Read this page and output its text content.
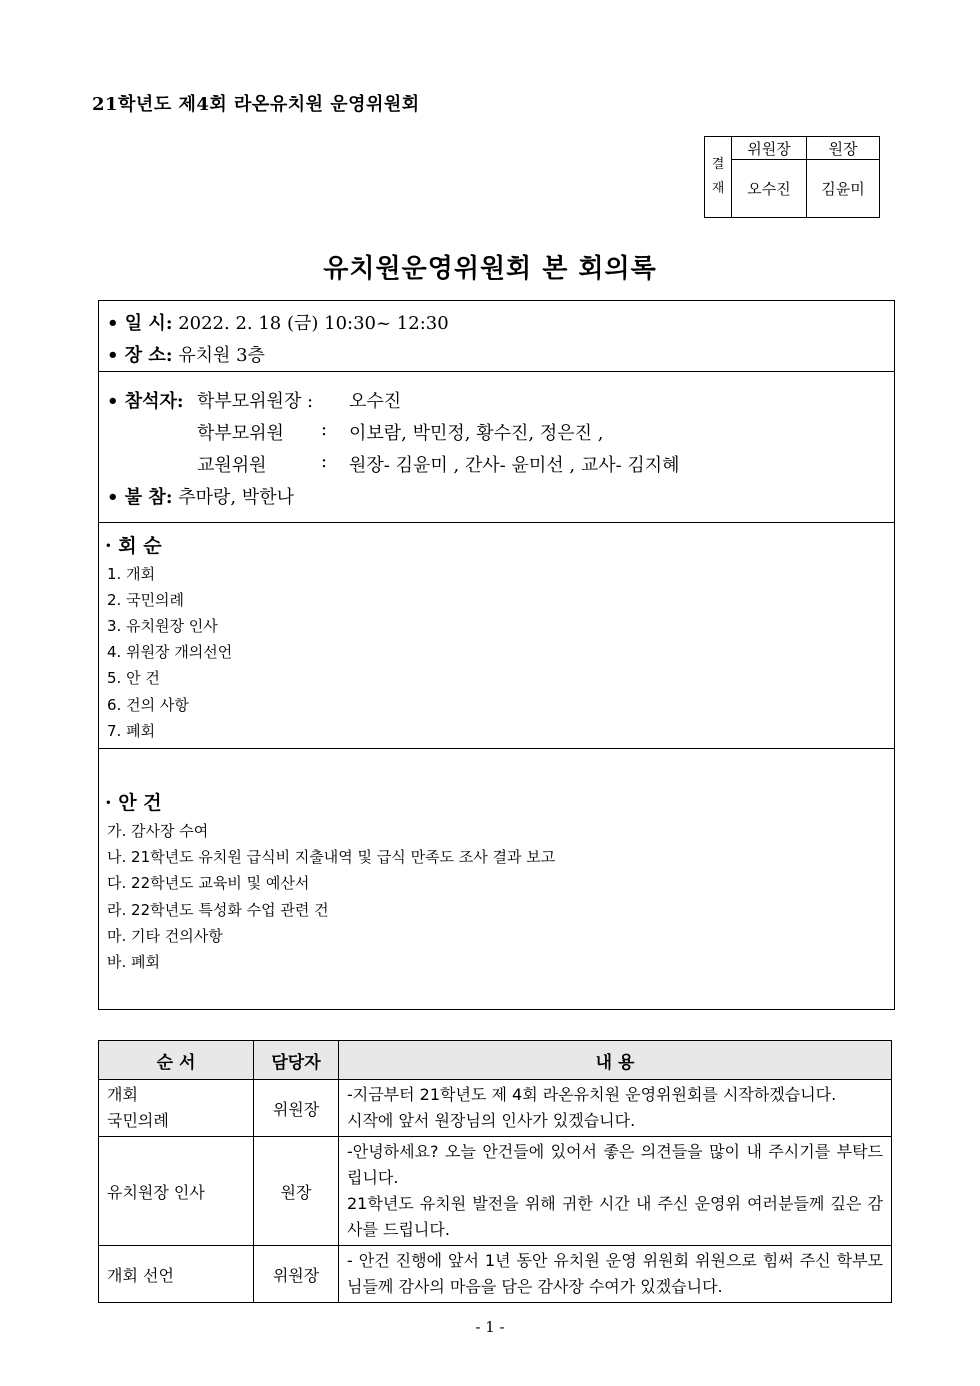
21학년도 제4회 라온유치원 운영위원회
결
재	위원장	원장
	오수진	김윤미
유치원운영위원회 본 회의록
• 일 시: 2022. 2. 18 (금) 10:30~ 12:30
• 장 소: 유치원 3층
• 참석자: 학부모위원장 : 오수진
학부모위원 : 이보람, 박민정, 황수진, 정은진 ,
교원위원	: 원장- 김윤미 , 간사- 윤미선 , 교사- 김지혜
• 불 참: 추마랑, 박한나
· 회 순
1. 개회
2. 국민의례
3. 유치원장 인사
4. 위원장 개의선언
5. 안 건
6. 건의 사항
7. 폐회
· 안 건
가. 감사장 수여
나. 21학년도 유치원 급식비 지출내역 및 급식 만족도 조사 결과 보고
다. 22학년도 교육비 및 예산서
라. 22학년도 특성화 수업 관련 건
마. 기타 건의사항
바. 폐회
순 서	담당자	내 용
개회
국민의례	위원장	-지금부터 21학년도 제 4회 라온유치원 운영위원회를 시작하겠습니다.
시작에 앞서 원장님의 인사가 있겠습니다.
유치원장 인사	원장	-안녕하세요? 오늘 안건들에 있어서 좋은 의견들을 많이 내 주시기를 부탁드립니다.
21학년도 유치원 발전을 위해 귀한 시간 내 주신 운영위 여러분들께 깊은 감사를 드립니다.
개회 선언	위원장	- 안건 진행에 앞서 1년 동안 유치원 운영 위원회 위원으로 힘써 주신 학부모님들께 감사의 마음을 담은 감사장 수여가 있겠습니다.
- 1 -
